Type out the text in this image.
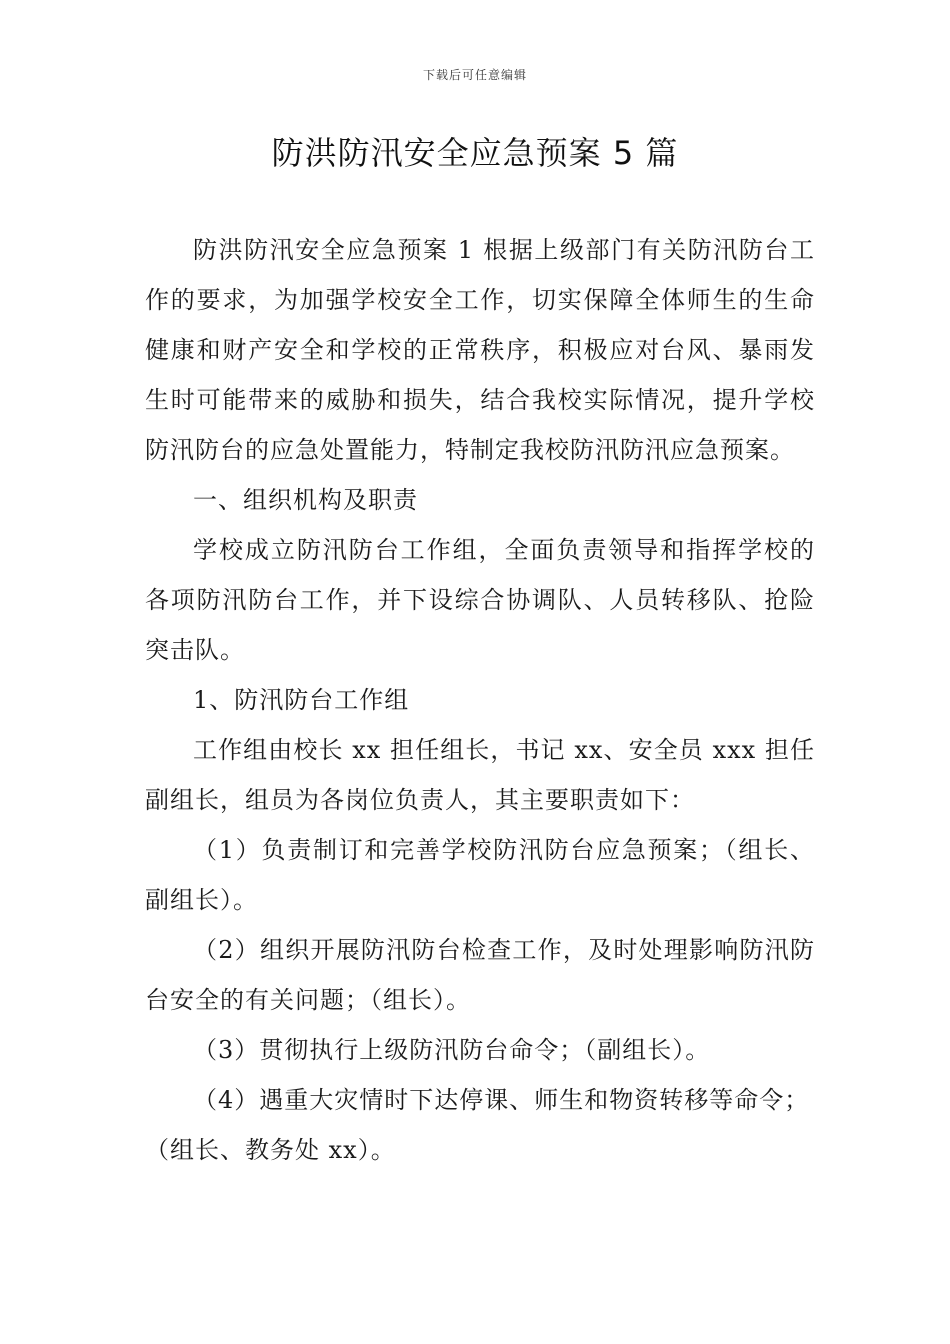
下载后可任意编辑
防洪防汛安全应急预案 5 篇

防洪防汛安全应急预案 1 根据上级部门有关防汛防台工作的要求，为加强学校安全工作，切实保障全体师生的生命健康和财产安全和学校的正常秩序，积极应对台风、暴雨发生时可能带来的威胁和损失，结合我校实际情况，提升学校防汛防台的应急处置能力，特制定我校防汛防汛应急预案。

一、组织机构及职责

学校成立防汛防台工作组，全面负责领导和指挥学校的各项防汛防台工作，并下设综合协调队、人员转移队、抢险突击队。

1、防汛防台工作组

工作组由校长 xx 担任组长，书记 xx、安全员 xxx 担任副组长，组员为各岗位负责人，其主要职责如下：

（1）负责制订和完善学校防汛防台应急预案；（组长、副组长）。

（2）组织开展防汛防台检查工作，及时处理影响防汛防台安全的有关问题；（组长）。

（3）贯彻执行上级防汛防台命令；（副组长）。

（4）遇重大灾情时下达停课、师生和物资转移等命令；

（组长、教务处 xx）。
